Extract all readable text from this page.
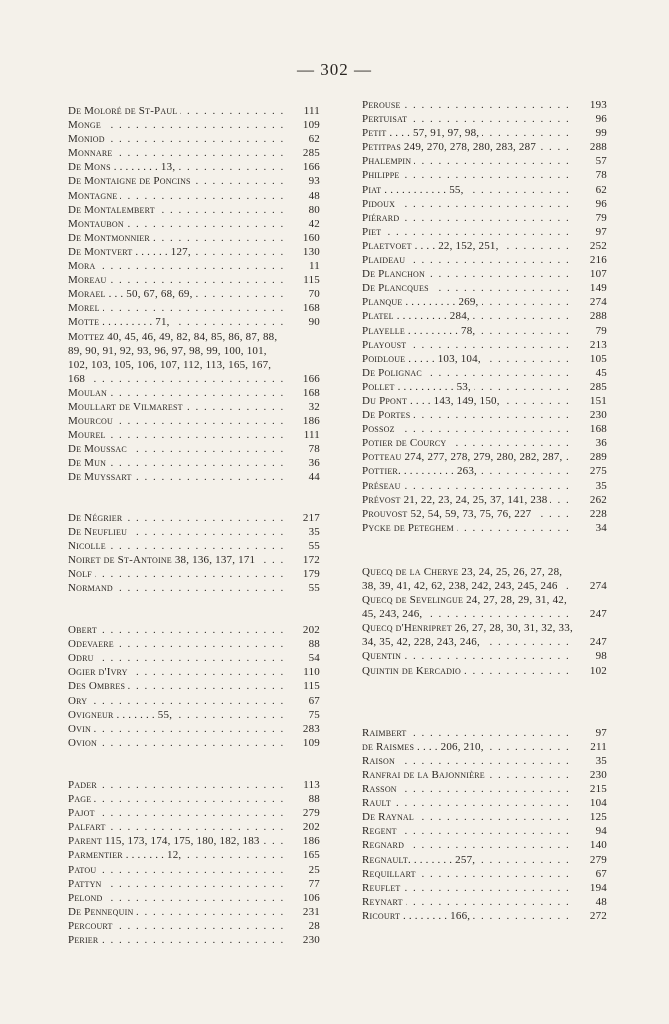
— 302 —
De Moloré de St-Paul . . .	111
Monge . . .	109
Moniod . . .	62
Monnare . . .	285
De Mons . . . . . . . . 13, . . .	166
De Montaigne de Poncins . . .	93
Montagne . . .	48
De Montalembert . . .	80
Montaubon . . .	42
De Montmonnier . . .	160
De Montvert . . . . . . 127, . . .	130
Mora . . .	11
Moreau . . .	115
Morael . . . 50, 67, 68, 69, . . .	70
Morel . . .	168
Motte . . . . . . . . . 71, . . .	90
Mottez 40, 45, 46, 49, 82, 84, 85, 86, 87, 88, 89, 90, 91, 92, 93, 96, 97, 98, 99, 100, 101, 102, 103, 105, 106, 107, 112, 113, 165, 167, 168 . . .	166
Moulan . . .	168
Moullart de Vilmarest . . .	32
Mourcou . . .	186
Mourel . . .	111
De Moussac . . .	78
De Mun . . .	36
De Muyssart . . .	44
De Négrier . . .	217
De Neuflieu . . .	35
Nicolle . . .	55
Noiret de St-Antoine 38, 136, 137, 171 . . .	172
Nolf . . .	179
Normand . . .	55
Obert . . .	202
Odevaere . . .	88
Odru . . .	54
Ogier d'Ivry . . .	110
Des Ombres . . .	115
Ory . . .	67
Ovigneur . . . . . . . 55, . . .	75
Ovin . . .	283
Ovion . . .	109
Pader . . .	113
Page . . .	88
Pajot . . .	279
Palfart . . .	202
Parent 115, 173, 174, 175, 180, 182, 183 . . .	186
Parmentier . . . . . . . 12, . . .	165
Patou . . .	25
Pattyn . . .	77
Pelond . . .	106
De Pennequin . . .	231
Percourt . . .	28
Perier . . .	230
Perouse . . .	193
Pertuisat . . .	96
Petit . . . . 57, 91, 97, 98, . . .	99
Petitpas 249, 270, 278, 280, 283, 287 . . .	288
Phalempin . . .	57
Philippe . . .	78
Piat . . . . . . . . . . . 55, . . .	62
Pidoux . . .	96
Piérard . . .	79
Piet . . .	97
Plaetvoet . . . . 22, 152, 251, . . .	252
Plaideau . . .	216
De Planchon . . .	107
De Plancques . . .	149
Planque . . . . . . . . . 269, . . .	274
Platel . . . . . . . . . 284, . . .	288
Playelle . . . . . . . . . 78, . . .	79
Playoust . . .	213
Poidloue . . . . . 103, 104, . . .	105
De Polignac . . .	45
Pollet . . . . . . . . . . 53, . . .	285
Du Ppont . . . . 143, 149, 150, . . .	151
De Portes . . .	230
Possoz . . .	168
Potier de Courcy . . .	36
Potteau 274, 277, 278, 279, 280, 282, 287, . . .	289
Pottier. . . . . . . . . . 263, . . .	275
Préseau . . .	35
Prévost 21, 22, 23, 24, 25, 37, 141, 238 . . .	262
Prouvost 52, 54, 59, 73, 75, 76, 227 . . .	228
Pycke de Peteghem . . .	34
Quecq de la Cherye 23, 24, 25, 26, 27, 28, 38, 39, 41, 42, 62, 238, 242, 243, 245, 246 . . .	274
Quecq de Sevelingue 24, 27, 28, 29, 31, 42, 45, 243, 246, . . .	247
Quecq d'Henripret 26, 27, 28, 30, 31, 32, 33, 34, 35, 42, 228, 243, 246, . . .	247
Quentin . . .	98
Quintin de Kercadio . . .	102
Raimbert . . .	97
de Raismes . . . . 206, 210, . . .	211
Raison . . .	35
Ranfrai de la Bajonnière . . .	230
Rasson . . .	215
Rault . . .	104
De Raynal . . .	125
Regent . . .	94
Regnard . . .	140
Regnault. . . . . . . . 257, . . .	279
Requillart . . .	67
Reuflet . . .	194
Reynart . . .	48
Ricourt . . . . . . . . 166, . . .	272
